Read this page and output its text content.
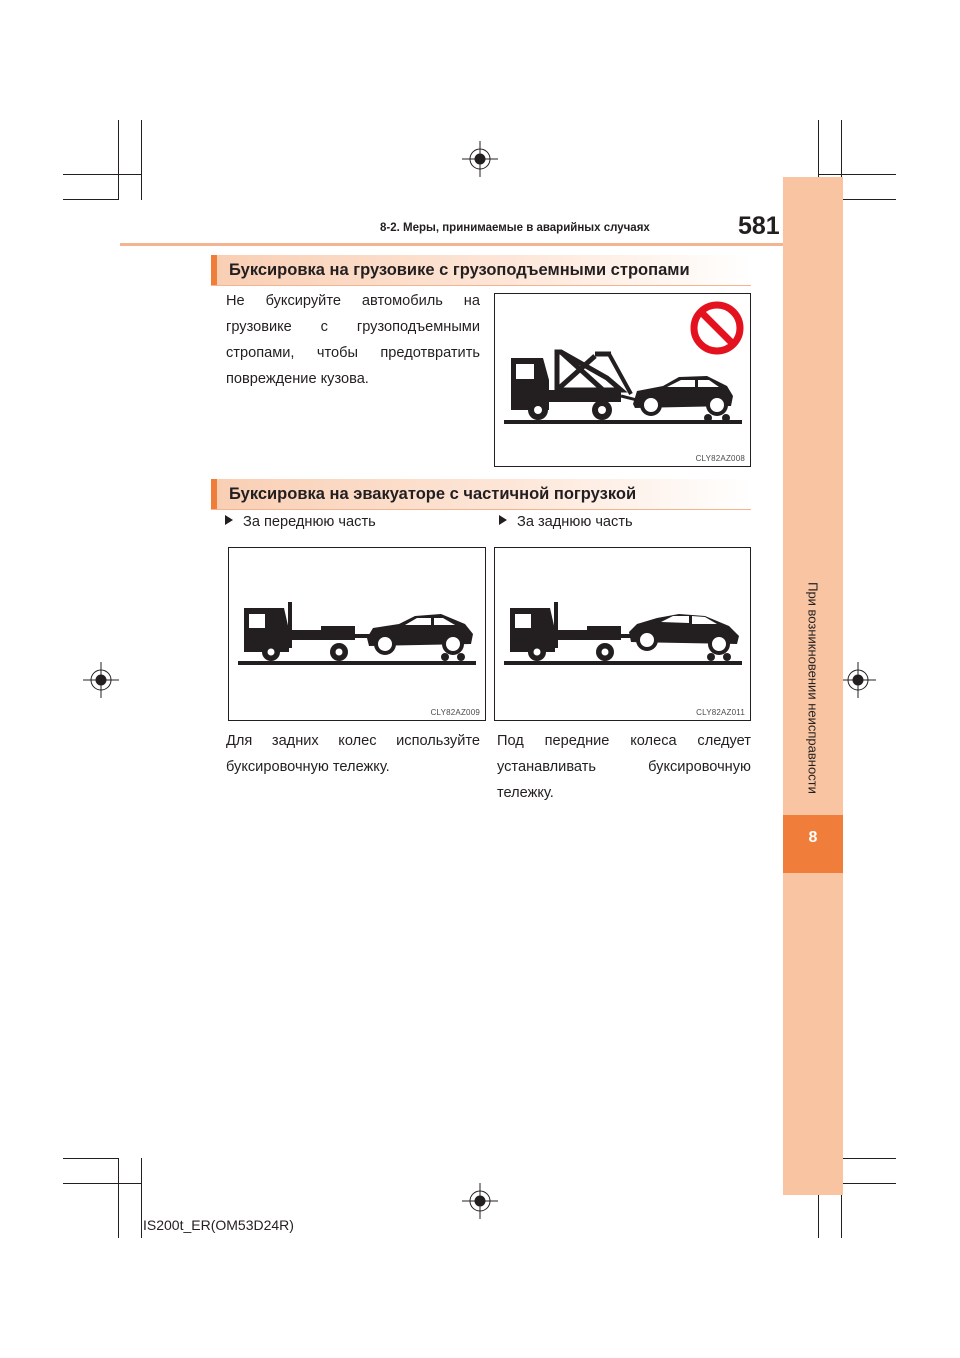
При возникновении неисправности
8
8-2. Меры, принимаемые в аварийных случаях	581
Буксировка на грузовике с грузоподъемными стропами
Не буксируйте автомобиль на
грузовике с грузоподъемными
стропами, чтобы предотвратить
повреждение кузова.
CLY82AZ008
Буксировка на эвакуаторе с частичной погрузкой
За переднюю часть	За заднюю часть
CLY82AZ009	CLY82AZ011
Для задних колес используйте
буксировочную тележку.
Под передние колеса следует
устанавливать буксировочную
тележку.
IS200t_ER(OM53D24R)
